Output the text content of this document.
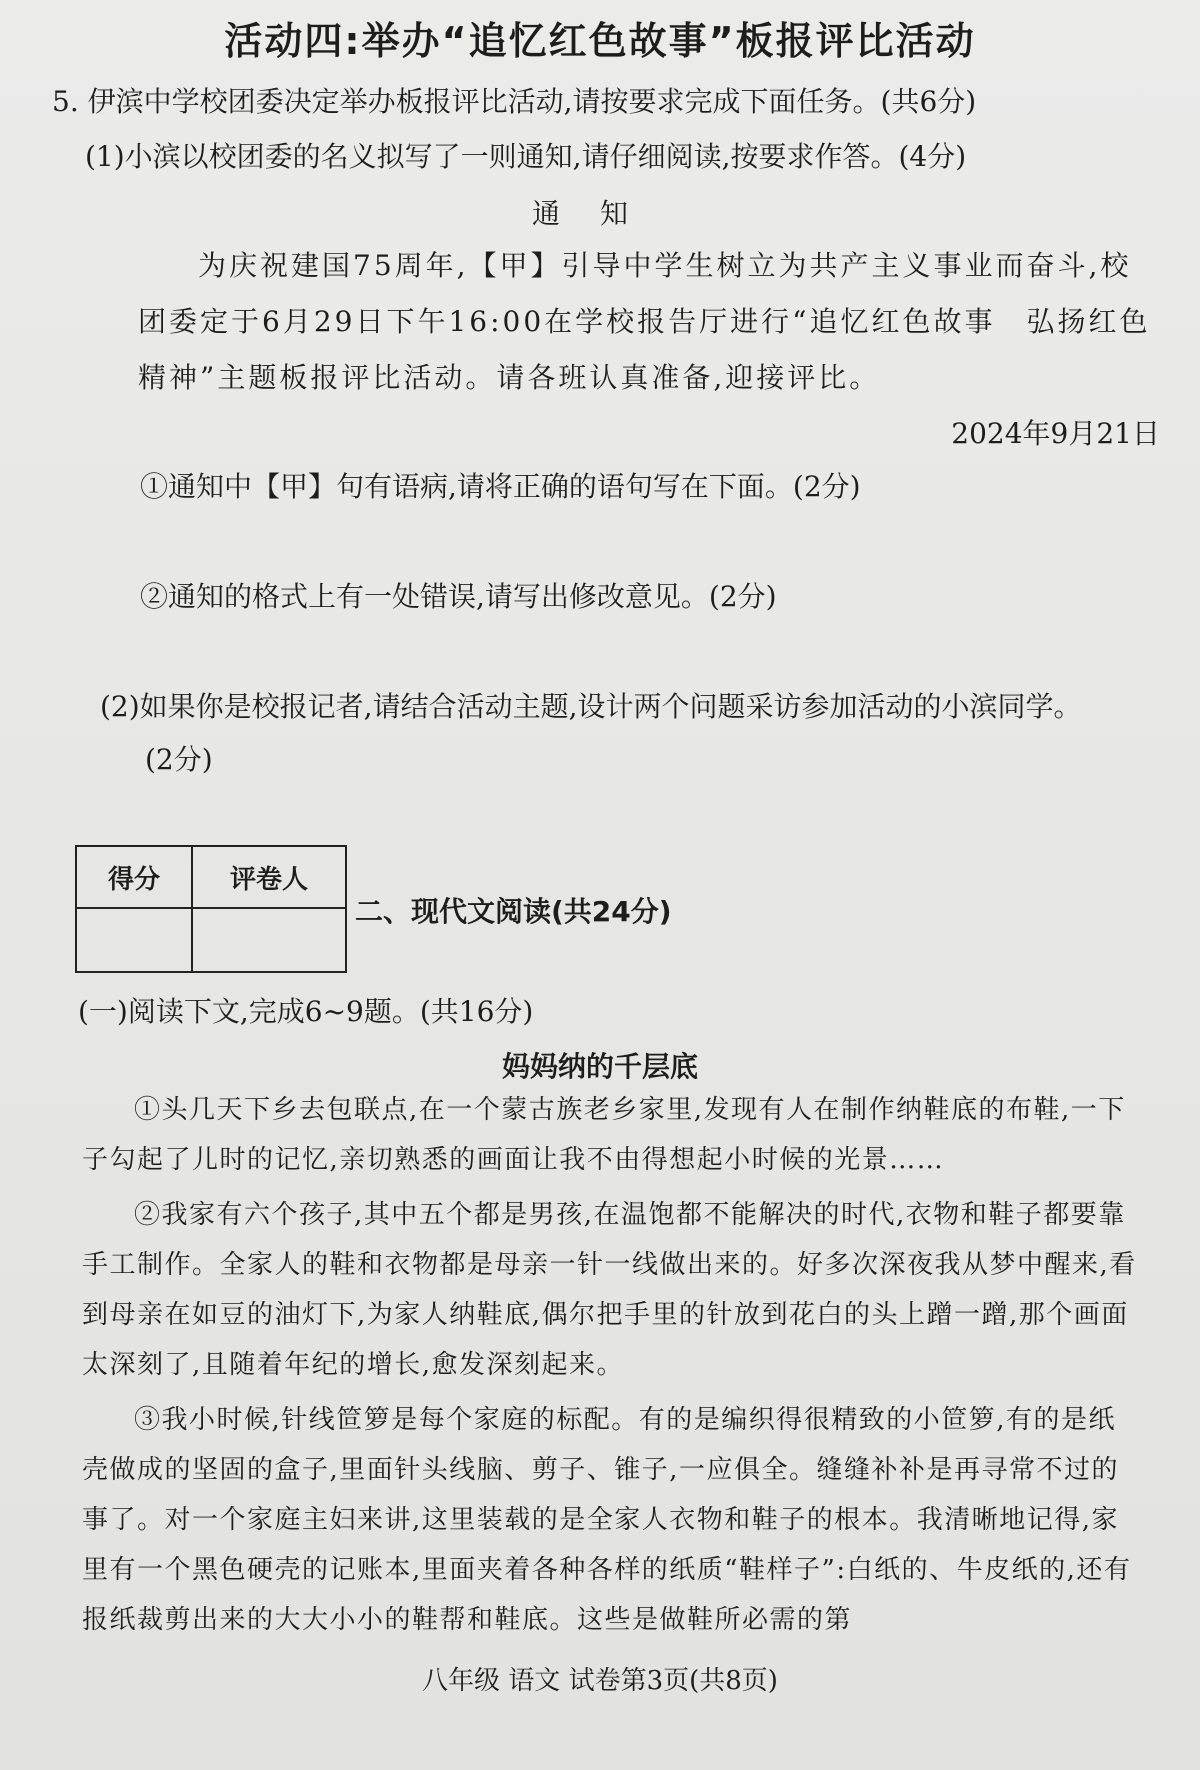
活动四:举办“追忆红色故事”板报评比活动
5. 伊滨中学校团委决定举办板报评比活动,请按要求完成下面任务。(共6分)
(1)小滨以校团委的名义拟写了一则通知,请仔细阅读,按要求作答。(4分)
通知
为庆祝建国75周年,【甲】引导中学生树立为共产主义事业而奋斗,校团委定于6月29日下午16:00在学校报告厅进行“追忆红色故事　弘扬红色精神”主题板报评比活动。请各班认真准备,迎接评比。
2024年9月21日
①通知中【甲】句有语病,请将正确的语句写在下面。(2分)
②通知的格式上有一处错误,请写出修改意见。(2分)
(2)如果你是校报记者,请结合活动主题,设计两个问题采访参加活动的小滨同学。
(2分)
得分	评卷人

二、现代文阅读(共24分)
(一)阅读下文,完成6~9题。(共16分)
妈妈纳的千层底
①头几天下乡去包联点,在一个蒙古族老乡家里,发现有人在制作纳鞋底的布鞋,一下子勾起了儿时的记忆,亲切熟悉的画面让我不由得想起小时候的光景……
②我家有六个孩子,其中五个都是男孩,在温饱都不能解决的时代,衣物和鞋子都要靠手工制作。全家人的鞋和衣物都是母亲一针一线做出来的。好多次深夜我从梦中醒来,看到母亲在如豆的油灯下,为家人纳鞋底,偶尔把手里的针放到花白的头上蹭一蹭,那个画面太深刻了,且随着年纪的增长,愈发深刻起来。
③我小时候,针线笸箩是每个家庭的标配。有的是编织得很精致的小笸箩,有的是纸壳做成的坚固的盒子,里面针头线脑、剪子、锥子,一应俱全。缝缝补补是再寻常不过的事了。对一个家庭主妇来讲,这里装载的是全家人衣物和鞋子的根本。我清晰地记得,家里有一个黑色硬壳的记账本,里面夹着各种各样的纸质“鞋样子”:白纸的、牛皮纸的,还有报纸裁剪出来的大大小小的鞋帮和鞋底。这些是做鞋所必需的第
八年级 语文 试卷第3页(共8页)
